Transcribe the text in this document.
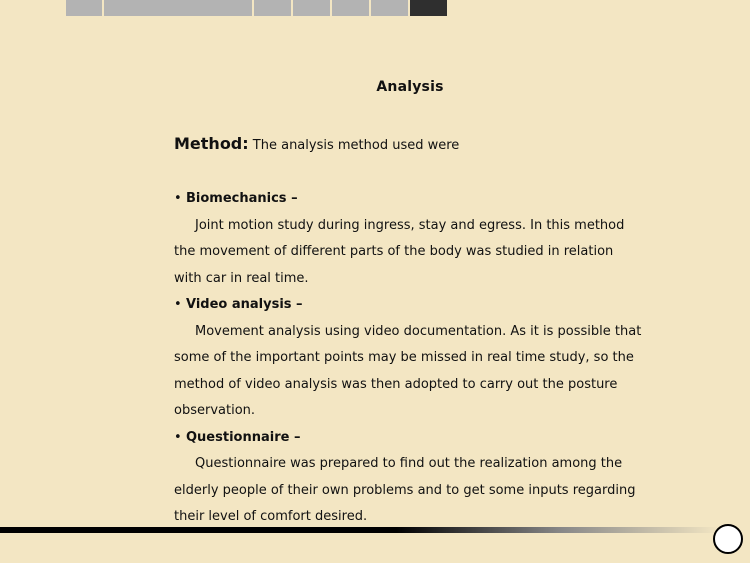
Analysis
Method: The analysis method used were
• Biomechanics –
Joint motion study during ingress, stay and egress. In this method the movement of different parts of the body was studied in relation with car in real time.
• Video analysis –
Movement analysis using video documentation. As it is possible that some of the important points may be missed in real time study, so the method of video analysis was then adopted to carry out the posture observation.
• Questionnaire –
Questionnaire was prepared to find out the realization among the elderly people of their own problems and to get some inputs regarding their level of comfort desired.
